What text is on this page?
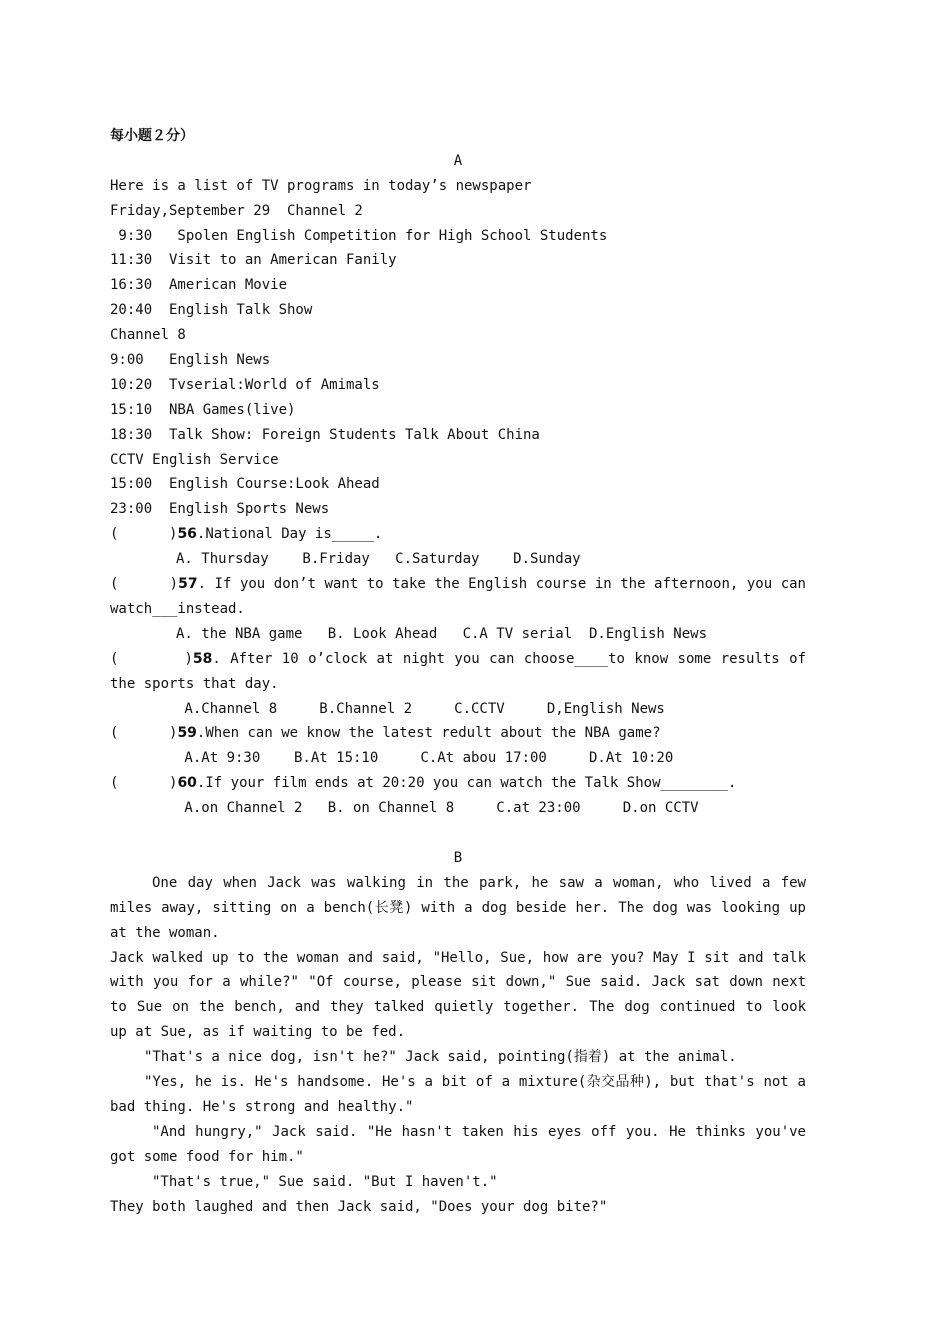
每小题２分）
A
Here is a list of TV programs in today’s newspaper
Friday,September 29  Channel 2
9:30   Spolen English Competition for High School Students
11:30  Visit to an American Fanily
16:30  American Movie
20:40  English Talk Show
Channel 8
9:00   English News
10:20  Tvserial:World of Amimals
15:10  NBA Games(live)
18:30  Talk Show: Foreign Students Talk About China
CCTV English Service
15:00  English Course:Look Ahead
23:00  English Sports News
(      )56.National Day is_____.
A. Thursday    B.Friday   C.Saturday    D.Sunday
(      )57. If you don’t want to take the English course in the afternoon, you can watch___instead.
A. the NBA game   B. Look Ahead   C.A TV serial  D.English News
(       )58. After 10 o’clock at night you can choose____to know some results of the sports that day.
A.Channel 8     B.Channel 2     C.CCTV     D,English News
(      )59.When can we know the latest redult about the NBA game?
A.At 9:30    B.At 15:10     C.At abou 17:00     D.At 10:20
(      )60.If your film ends at 20:20 you can watch the Talk Show________.
A.on Channel 2   B. on Channel 8     C.at 23:00     D.on CCTV
B
One day when Jack was walking in the park, he saw a woman, who lived a few miles away, sitting on a bench(长凳) with a dog beside her. The dog was looking up at the woman.
Jack walked up to the woman and said, "Hello, Sue, how are you? May I sit and talk with you for a while?" "Of course, please sit down," Sue said. Jack sat down next to Sue on the bench, and they talked quietly together. The dog continued to look up at Sue, as if waiting to be fed.
"That's a nice dog, isn't he?" Jack said, pointing(指着) at the animal.
"Yes, he is. He's handsome. He's a bit of a mixture(杂交品种), but that's not a bad thing. He's strong and healthy."
"And hungry," Jack said. "He hasn't taken his eyes off you. He thinks you've got some food for him."
"That's true," Sue said. "But I haven't."
They both laughed and then Jack said, "Does your dog bite?"
